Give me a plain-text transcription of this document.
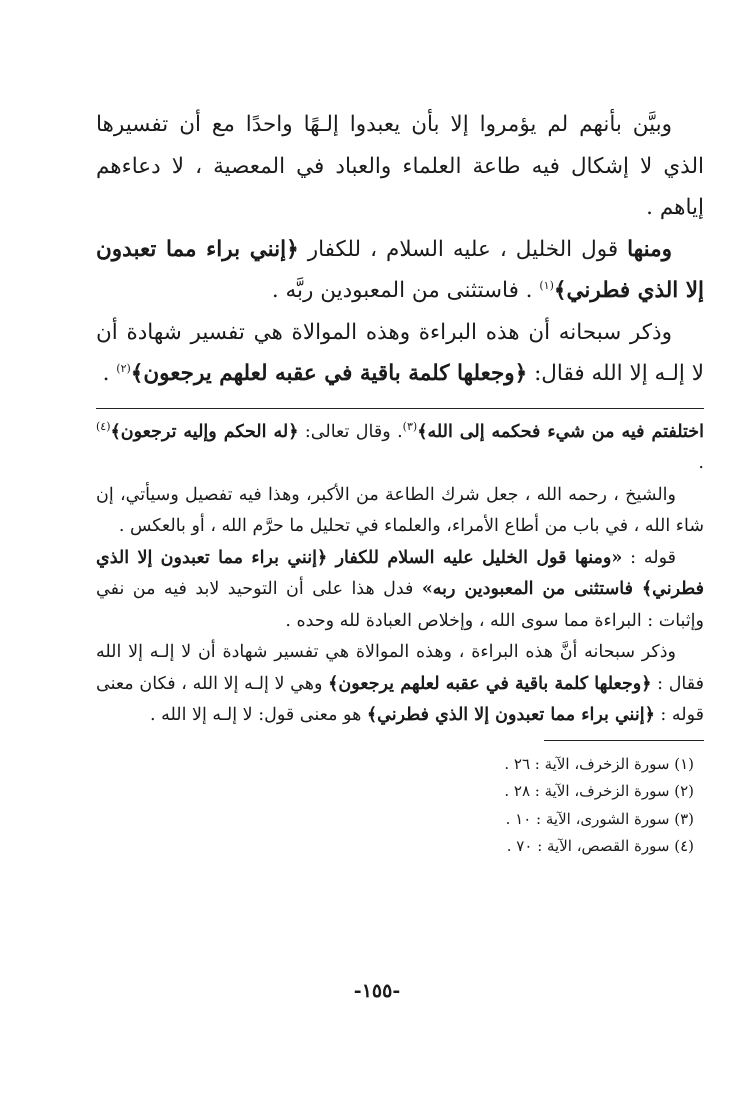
وبيَّن بأنهم لم يؤمروا إلا بأن يعبدوا إلـهًا واحدًا مع أن تفسيرها الذي لا إشكال فيه طاعة العلماء والعباد في المعصية ، لا دعاءهم إياهم .

ومنها قول الخليل ، عليه السلام ، للكفار ﴿إنني براء مما تعبدون إلا الذي فطرني﴾$^{(١)}$ . فاستثنى من المعبودين ربَّه .

وذكر سبحانه أن هذه البراءة وهذه الموالاة هي تفسير شهادة أن لا إلـه إلا الله فقال: ﴿وجعلها كلمة باقية في عقبه لعلهم يرجعون﴾$^{(٢)}$ .

اختلفتم فيه من شيء فحكمه إلى الله﴾$^{(٣)}$. وقال تعالى: ﴿له الحكم وإليه ترجعون﴾$^{(٤)}$ .

والشيخ ، رحمه الله ، جعل شرك الطاعة من الأكبر، وهذا فيه تفصيل وسيأتي، إن شاء الله ، في باب من أطاع الأمراء، والعلماء في تحليل ما حرَّم الله ، أو بالعكس .

قوله : «ومنها قول الخليل عليه السلام للكفار ﴿إنني براء مما تعبدون إلا الذي فطرني﴾ فاستثنى من المعبودين ربه» فدل هذا على أن التوحيد لابد فيه من نفي وإثبات : البراءة مما سوى الله ، وإخلاص العبادة لله وحده .

وذكر سبحانه أنَّ هذه البراءة ، وهذه الموالاة هي تفسير شهادة أن لا إلـه إلا الله فقال : ﴿وجعلها كلمة باقية في عقبه لعلهم يرجعون﴾ وهي لا إلـه إلا الله ، فكان معنى قوله : ﴿إنني براء مما تعبدون إلا الذي فطرني﴾ هو معنى قول: لا إلـه إلا الله .

(١) سورة الزخرف، الآية : ٢٦ .
(٢) سورة الزخرف، الآية : ٢٨ .
(٣) سورة الشورى، الآية : ١٠ .
(٤) سورة القصص، الآية : ٧٠ .
-١٥٥-
